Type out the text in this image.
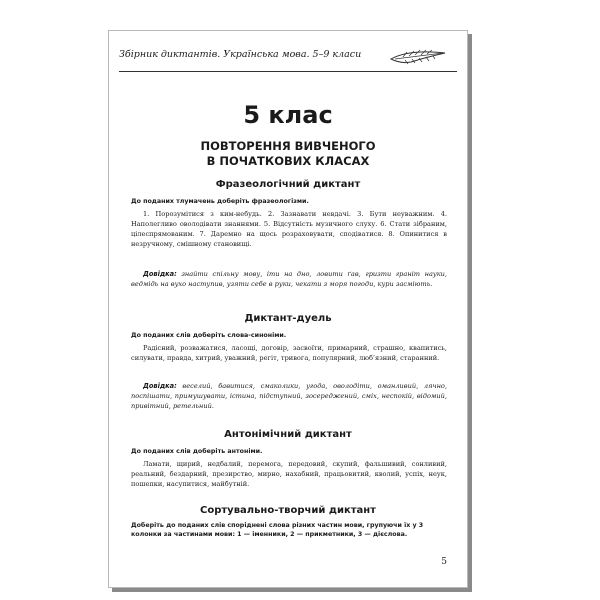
Збірник диктантів. Українська мова. 5–9 класи
5 клас
ПОВТОРЕННЯ ВИВЧЕНОГО
В ПОЧАТКОВИХ КЛАСАХ
Фразеологічний диктант
До поданих тлумачень доберіть фразеологізми.
1. Порозумітися з ким-небудь. 2. Зазнавати невдачі. 3. Бути неуважним. 4. Наполегливо оволодівати знаннями. 5. Відсутність музичного слуху. 6. Стати зібраним, цілеспрямованим. 7. Даремно на щось розраховувати, сподіватися. 8. Опинитися в незручному, смішному становищі.
Довідка: знайти спільну мову, іти на дно, ловити ґав, гризти граніт науки, ведмідь на вухо наступив, узяти себе в руки, чекати з моря погоди, кури засміють.
Диктант-дуель
До поданих слів доберіть слова-синоніми.
Радісний, розважатися, ласощі, договір, засвоїти, примарний, страшно, квапитись, силувати, правда, хитрий, уважний, регіт, тривога, популярний, люб’язний, старанний.
Довідка: веселий, бавитися, смаколики, угода, оволодіти, оманливий, лячно, поспішати, примушувати, істина, підступний, зосереджений, сміх, неспокій, відомий, привітний, ретельний.
Антонімічний диктант
До поданих слів доберіть антоніми.
Ламати, щирий, недбалий, перемога, передовий, скупий, фальшивий, сонливий, реальний, бездарний, презирство, мирно, нахабний, працьовитий, кволий, успіх, неук, пошепки, насупитися, майбутній.
Сортувально-творчий диктант
Доберіть до поданих слів споріднені слова різних частин мови, групуючи їх у 3 колонки за частинами мови: 1 — іменники, 2 — прикметники, 3 — дієслова.
5
